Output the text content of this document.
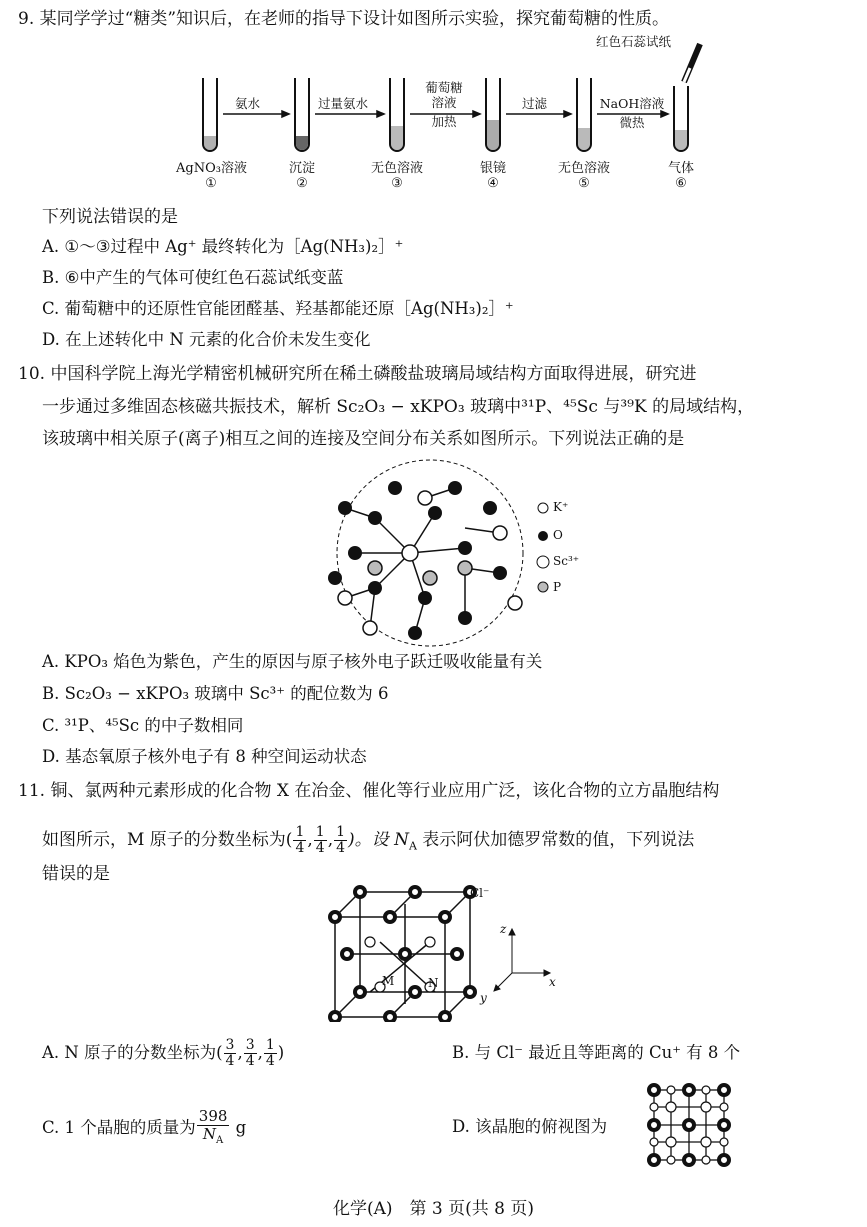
9. 某同学学过“糖类”知识后，在老师的指导下设计如图所示实验，探究葡萄糖的性质。
红色石蕊试纸
氨水	过量氨水
葡萄糖
溶液
加热
过滤	NaOH溶液
微热
AgNO₃溶液
①
沉淀
②
无色溶液
③
银镜
④
无色溶液
⑤
气体
⑥
下列说法错误的是
A. ①～③过程中 Ag⁺ 最终转化为［Ag(NH₃)₂］⁺
B. ⑥中产生的气体可使红色石蕊试纸变蓝
C. 葡萄糖中的还原性官能团醛基、羟基都能还原［Ag(NH₃)₂］⁺
D. 在上述转化中 N 元素的化合价未发生变化
10. 中国科学院上海光学精密机械研究所在稀土磷酸盐玻璃局域结构方面取得进展，研究进
一步通过多维固态核磁共振技术，解析 Sc₂O₃ − xKPO₃ 玻璃中³¹P、⁴⁵Sc 与³⁹K 的局域结构，
该玻璃中相关原子(离子)相互之间的连接及空间分布关系如图所示。下列说法正确的是
K⁺
O
Sc³⁺
P
A. KPO₃ 焰色为紫色，产生的原因与原子核外电子跃迁吸收能量有关
B. Sc₂O₃ − xKPO₃ 玻璃中 Sc³⁺ 的配位数为 6
C. ³¹P、⁴⁵Sc 的中子数相同
D. 基态氧原子核外电子有 8 种空间运动状态
11. 铜、氯两种元素形成的化合物 X 在冶金、催化等行业应用广泛，该化合物的立方晶胞结构
如图所示，M 原子的分数坐标为( $\frac{1}{4}$ , $\frac{1}{4}$ , $\frac{1}{4}$ )。设 $N_A$ 表示阿伏加德罗常数的值，下列说法
错误的是
Cl⁻
M	N
z
x
y
A. N 原子的分数坐标为( $\frac{3}{4}$ , $\frac{3}{4}$ , $\frac{1}{4}$ )	B. 与 Cl⁻ 最近且等距离的 Cu⁺ 有 8 个
C. 1 个晶胞的质量为 $\frac{398}{N_A}$ g	D. 该晶胞的俯视图为
化学(A)　第 3 页(共 8 页)
